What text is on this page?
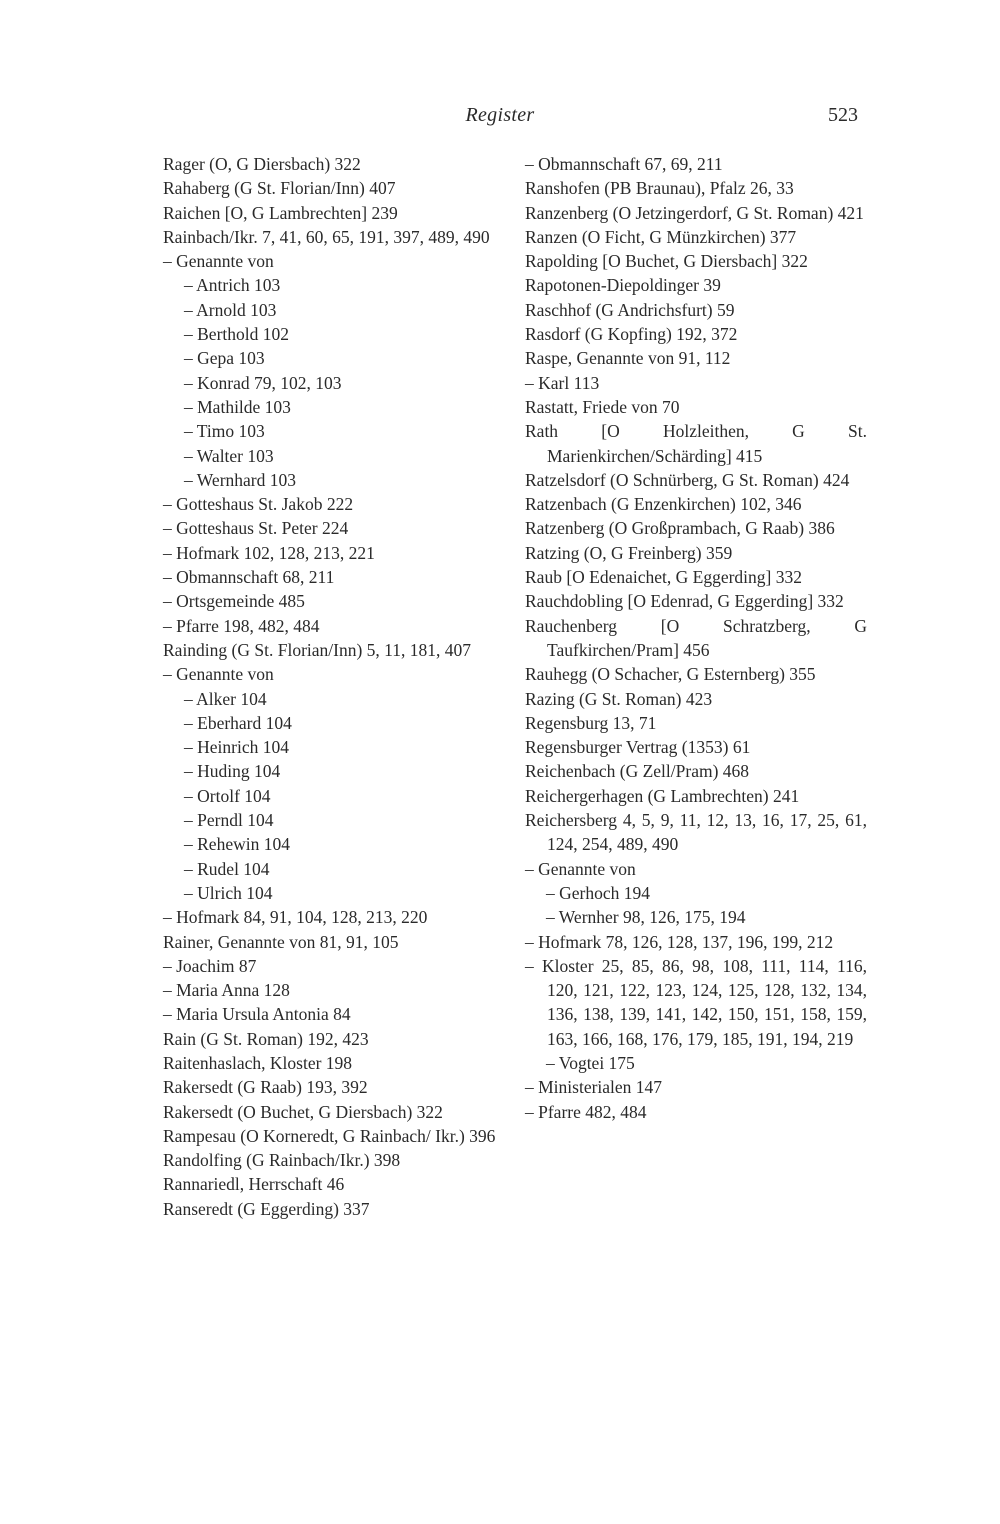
Register	523
Rager (O, G Diersbach) 322
Rahaberg (G St. Florian/Inn) 407
Raichen [O, G Lambrechten] 239
Rainbach/Ikr. 7, 41, 60, 65, 191, 397, 489, 490
– Genannte von
– Antrich 103
– Arnold 103
– Berthold 102
– Gepa 103
– Konrad 79, 102, 103
– Mathilde 103
– Timo 103
– Walter 103
– Wernhard 103
– Gotteshaus St. Jakob 222
– Gotteshaus St. Peter 224
– Hofmark 102, 128, 213, 221
– Obmannschaft 68, 211
– Ortsgemeinde 485
– Pfarre 198, 482, 484
Rainding (G St. Florian/Inn) 5, 11, 181, 407
– Genannte von
– Alker 104
– Eberhard 104
– Heinrich 104
– Huding 104
– Ortolf 104
– Perndl 104
– Rehewin 104
– Rudel 104
– Ulrich 104
– Hofmark 84, 91, 104, 128, 213, 220
Rainer, Genannte von 81, 91, 105
– Joachim 87
– Maria Anna 128
– Maria Ursula Antonia 84
Rain (G St. Roman) 192, 423
Raitenhaslach, Kloster 198
Rakersedt (G Raab) 193, 392
Rakersedt (O Buchet, G Diersbach) 322
Rampesau (O Korneredt, G Rainbach/ Ikr.) 396
Randolfing (G Rainbach/Ikr.) 398
Rannariedl, Herrschaft 46
Ranseredt (G Eggerding) 337
– Obmannschaft 67, 69, 211
Ranshofen (PB Braunau), Pfalz 26, 33
Ranzenberg (O Jetzingerdorf, G St. Roman) 421
Ranzen (O Ficht, G Münzkirchen) 377
Rapolding [O Buchet, G Diersbach] 322
Rapotonen-Diepoldinger 39
Raschhof (G Andrichsfurt) 59
Rasdorf (G Kopfing) 192, 372
Raspe, Genannte von 91, 112
– Karl 113
Rastatt, Friede von 70
Rath [O Holzleithen, G St. Marienkirchen/Schärding] 415
Ratzelsdorf (O Schnürberg, G St. Roman) 424
Ratzenbach (G Enzenkirchen) 102, 346
Ratzenberg (O Großprambach, G Raab) 386
Ratzing (O, G Freinberg) 359
Raub [O Edenaichet, G Eggerding] 332
Rauchdobling [O Edenrad, G Eggerding] 332
Rauchenberg [O Schratzberg, G Taufkirchen/Pram] 456
Rauhegg (O Schacher, G Esternberg) 355
Razing (G St. Roman) 423
Regensburg 13, 71
Regensburger Vertrag (1353) 61
Reichenbach (G Zell/Pram) 468
Reichergerhagen (G Lambrechten) 241
Reichersberg 4, 5, 9, 11, 12, 13, 16, 17, 25, 61, 124, 254, 489, 490
– Genannte von
– Gerhoch 194
– Wernher 98, 126, 175, 194
– Hofmark 78, 126, 128, 137, 196, 199, 212
– Kloster 25, 85, 86, 98, 108, 111, 114, 116, 120, 121, 122, 123, 124, 125, 128, 132, 134, 136, 138, 139, 141, 142, 150, 151, 158, 159, 163, 166, 168, 176, 179, 185, 191, 194, 219
– Vogtei 175
– Ministerialen 147
– Pfarre 482, 484
